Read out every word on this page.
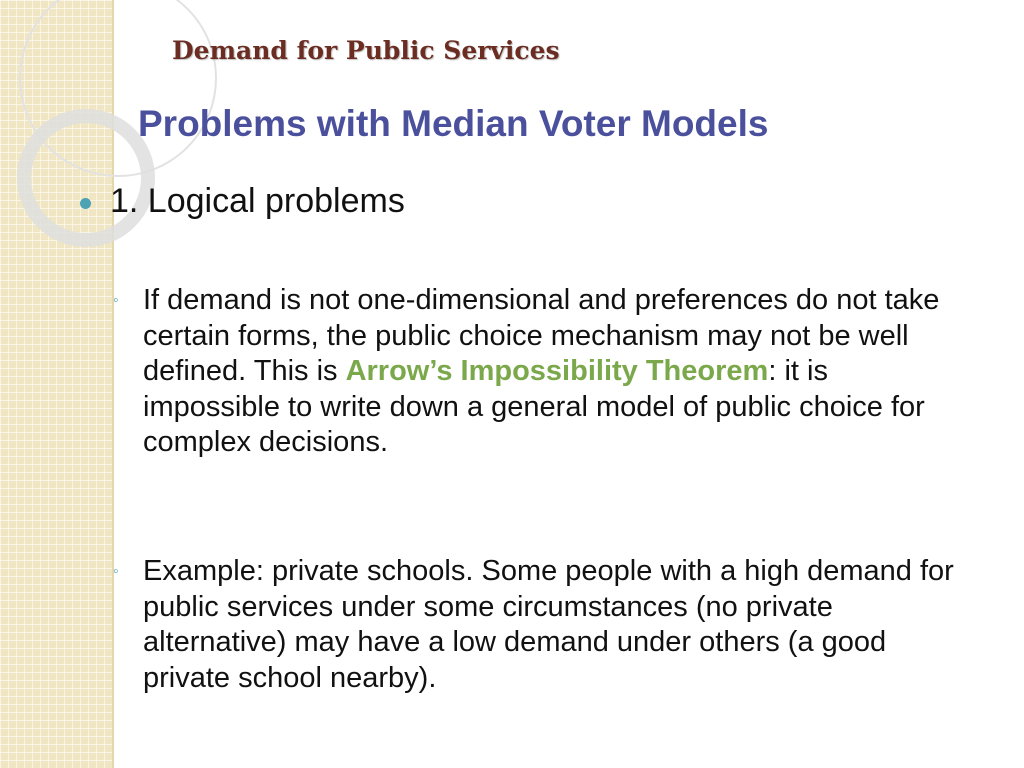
Demand for Public Services
Problems with Median Voter Models
1. Logical problems
◦ If demand is not one-dimensional and preferences do not take certain forms, the public choice mechanism may not be well defined. This is Arrow’s Impossibility Theorem: it is impossible to write down a general model of public choice for complex decisions.
◦ Example: private schools. Some people with a high demand for public services under some circumstances (no private alternative) may have a low demand under others (a good private school nearby).
